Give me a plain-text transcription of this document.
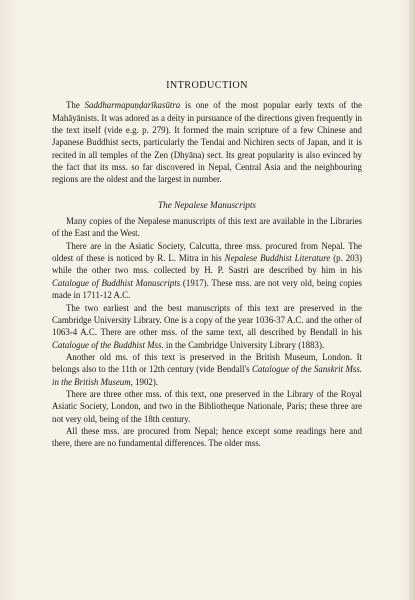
INTRODUCTION

The Saddharmapuṇḍarīkasūtra is one of the most popular early texts of the Mahāyānists. It was adored as a deity in pursuance of the directions given frequently in the text itself (vide e.g. p. 279). It formed the main scripture of a few Chinese and Japanese Buddhist sects, particularly the Tendai and Nichiren sects of Japan, and it is recited in all temples of the Zen (Dhyāna) sect. Its great popularity is also evinced by the fact that its mss. so far discovered in Nepal, Central Asia and the neighbouring regions are the oldest and the largest in number.

The Nepalese Manuscripts

Many copies of the Nepalese manuscripts of this text are available in the Libraries of the East and the West.

There are in the Asiatic Society, Calcutta, three mss. procured from Nepal. The oldest of these is noticed by R. L. Mitra in his Nepalese Buddhist Literature (p. 203) while the other two mss. collected by H. P. Sastri are described by him in his Catalogue of Buddhist Manuscripts (1917). These mss. are not very old, being copies made in 1711-12 A.C.

The two earliest and the best manuscripts of this text are preserved in the Cambridge University Library. One is a copy of the year 1036-37 A.C. and the other of 1063-4 A.C. There are other mss. of the same text, all described by Bendall in his Catalogue of the Buddhist Mss. in the Cambridge University Library (1883).

Another old ms. of this text is preserved in the British Museum, London. It belongs also to the 11th or 12th century (vide Bendall's Catalogue of the Sanskrit Mss. in the British Museum, 1902).

There are three other mss. of this text, one preserved in the Library of the Royal Asiatic Society, London, and two in the Bibliotheque Nationale, Paris; these three are not very old, being of the 18th century.

All these mss. are procured from Nepal; hence except some readings here and there, there are no fundamental differences. The older mss.
